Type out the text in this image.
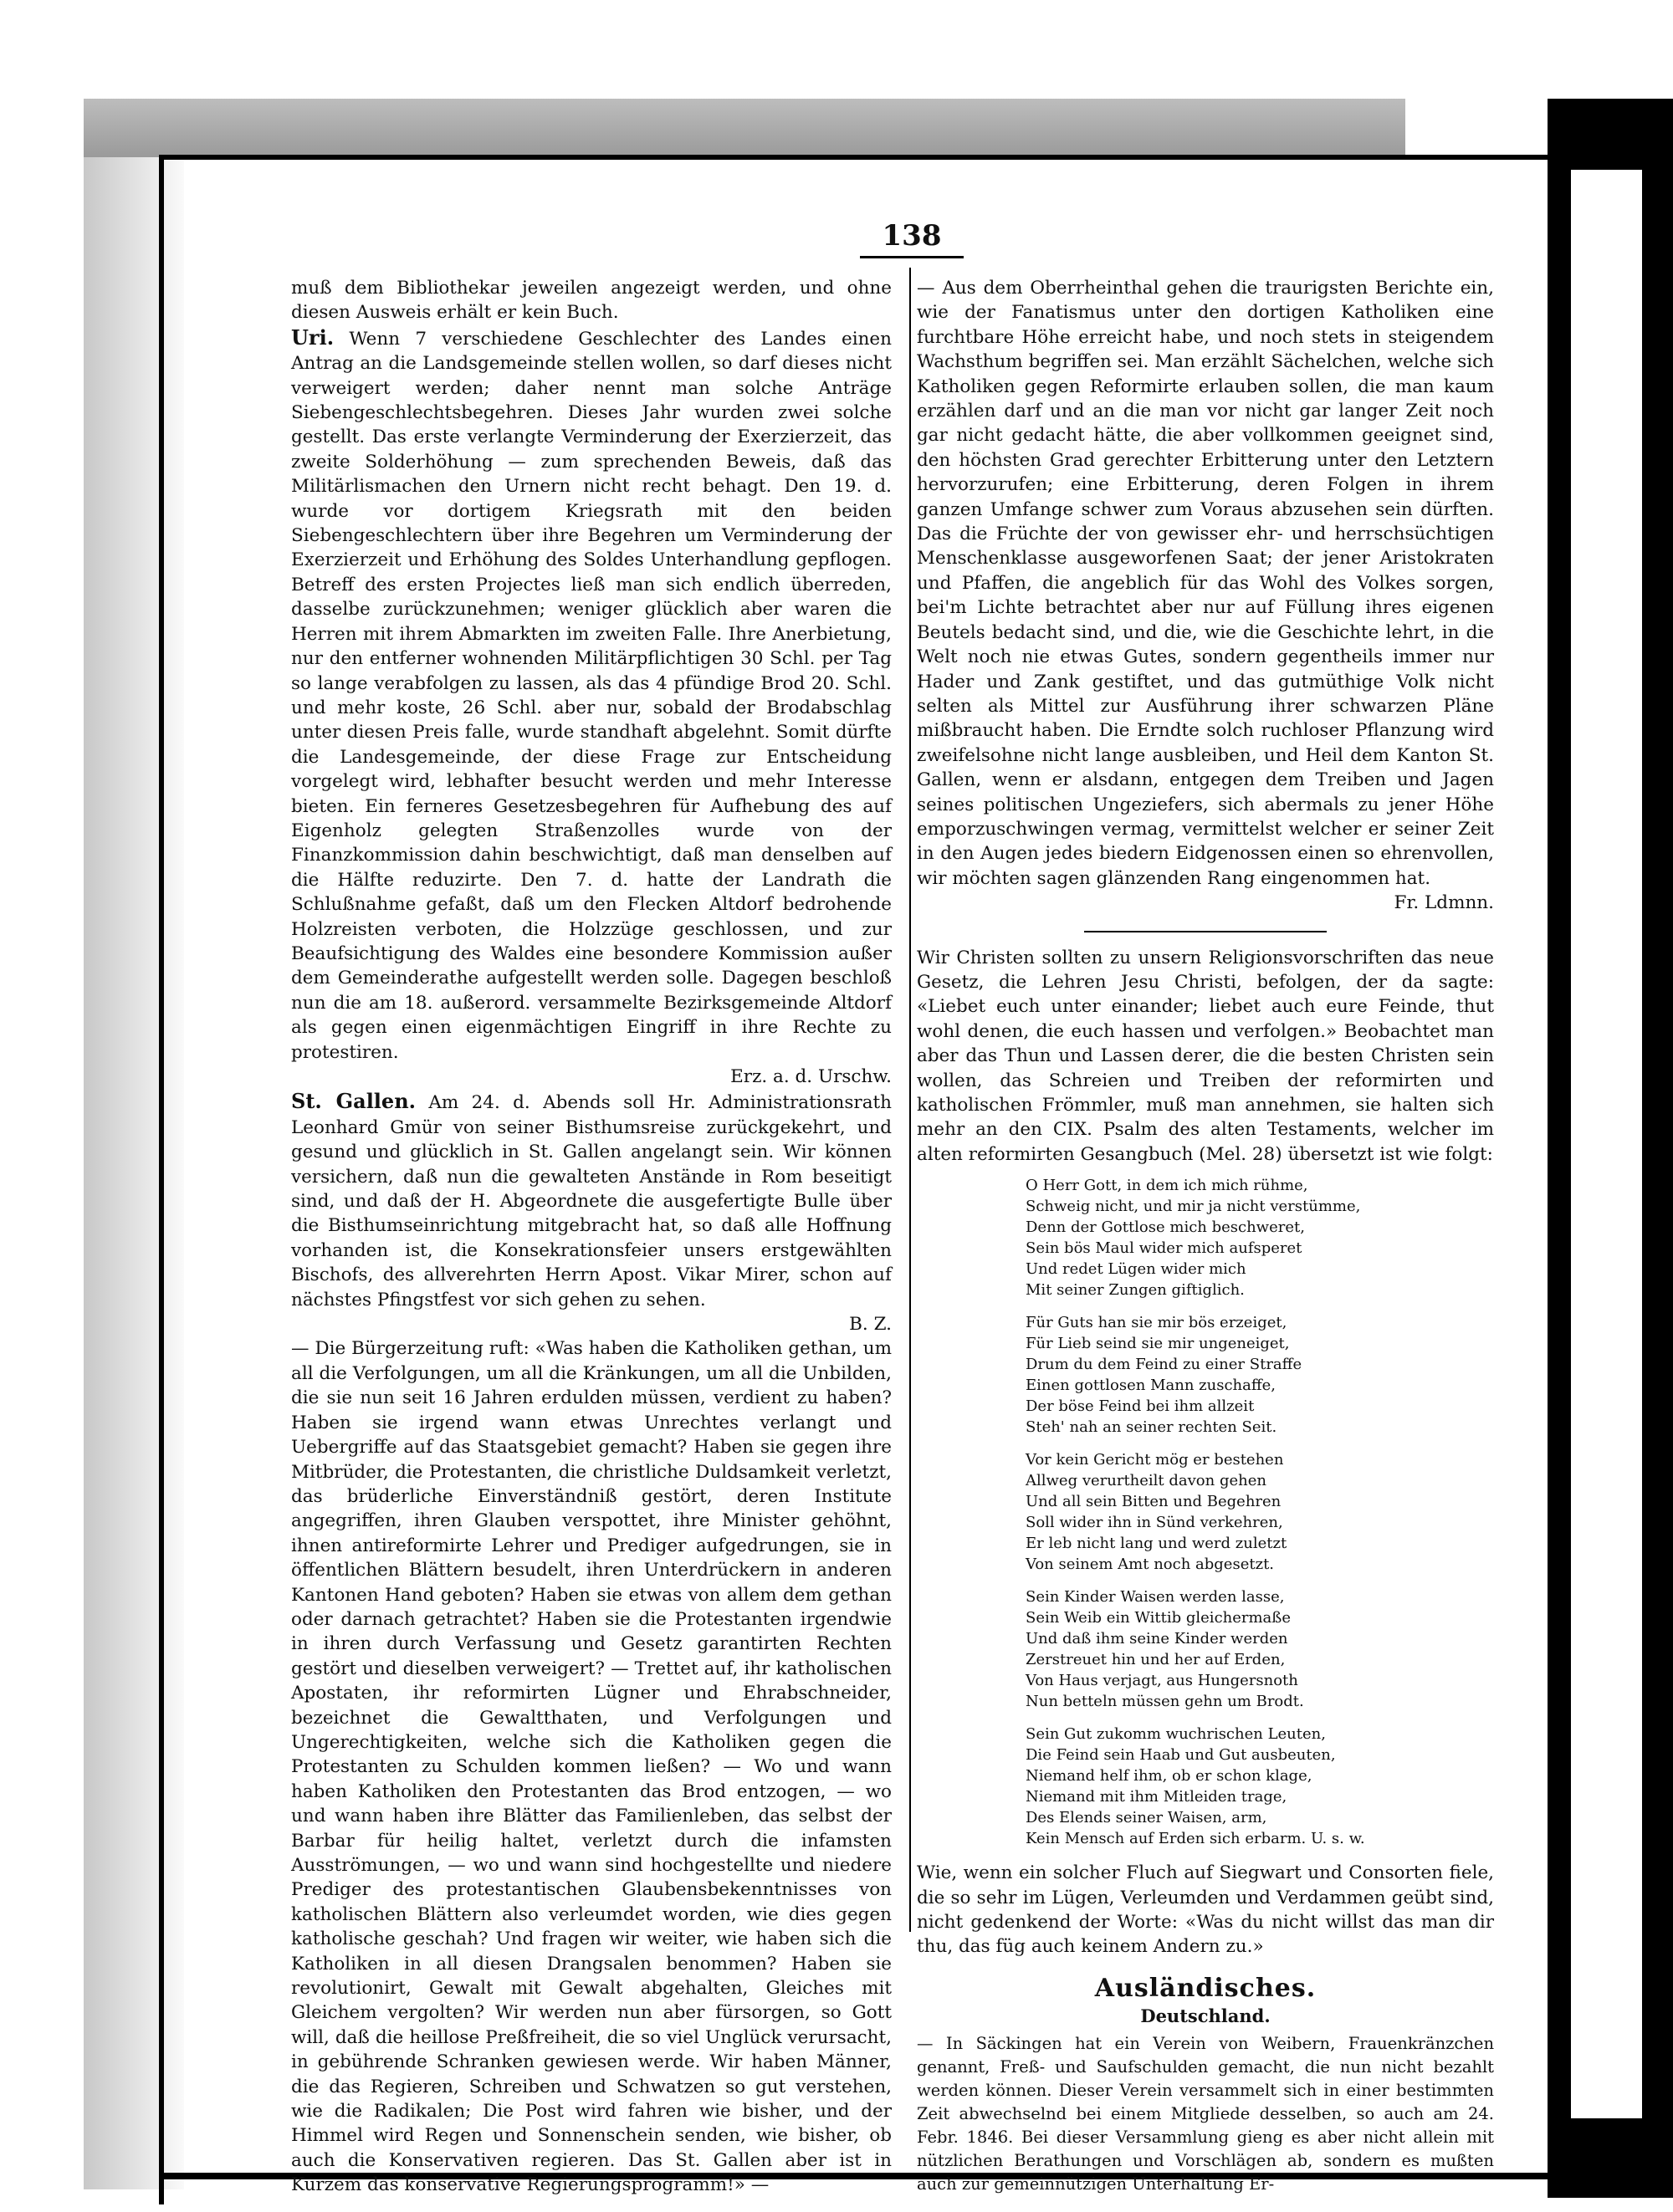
138

muß dem Bibliothekar jeweilen angezeigt werden, und ohne diesen Ausweis erhält er kein Buch.

Uri. Wenn 7 verschiedene Geschlechter des Landes einen Antrag an die Landsgemeinde stellen wollen, so darf dieses nicht verweigert werden; daher nennt man solche Anträge Siebengeschlechtsbegehren. Dieses Jahr wurden zwei solche gestellt. Das erste verlangte Verminderung der Exerzierzeit, das zweite Solderhöhung — zum sprechenden Beweis, daß das Militärlismachen den Urnern nicht recht behagt. Den 19. d. wurde vor dortigem Kriegsrath mit den beiden Siebengeschlechtern über ihre Begehren um Verminderung der Exerzierzeit und Erhöhung des Soldes Unterhandlung gepflogen. Betreff des ersten Projectes ließ man sich endlich überreden, dasselbe zurückzunehmen; weniger glücklich aber waren die Herren mit ihrem Abmarkten im zweiten Falle. Ihre Anerbietung, nur den entferner wohnenden Militärpflichtigen 30 Schl. per Tag so lange verabfolgen zu lassen, als das 4 pfündige Brod 20. Schl. und mehr koste, 26 Schl. aber nur, sobald der Brodabschlag unter diesen Preis falle, wurde standhaft abgelehnt. Somit dürfte die Landesgemeinde, der diese Frage zur Entscheidung vorgelegt wird, lebhafter besucht werden und mehr Interesse bieten. Ein ferneres Gesetzesbegehren für Aufhebung des auf Eigenholz gelegten Straßenzolles wurde von der Finanzkommission dahin beschwichtigt, daß man denselben auf die Hälfte reduzirte. Den 7. d. hatte der Landrath die Schlußnahme gefaßt, daß um den Flecken Altdorf bedrohende Holzreisten verboten, die Holzzüge geschlossen, und zur Beaufsichtigung des Waldes eine besondere Kommission außer dem Gemeinderathe aufgestellt werden solle. Dagegen beschloß nun die am 18. außerord. versammelte Bezirksgemeinde Altdorf als gegen einen eigenmächtigen Eingriff in ihre Rechte zu protestiren.
Erz. a. d. Urschw.

St. Gallen. Am 24. d. Abends soll Hr. Administrationsrath Leonhard Gmür von seiner Bisthumsreise zurückgekehrt, und gesund und glücklich in St. Gallen angelangt sein. Wir können versichern, daß nun die gewalteten Anstände in Rom beseitigt sind, und daß der H. Abgeordnete die ausgefertigte Bulle über die Bisthumseinrichtung mitgebracht hat, so daß alle Hoffnung vorhanden ist, die Konsekrationsfeier unsers erstgewählten Bischofs, des allverehrten Herrn Apost. Vikar Mirer, schon auf nächstes Pfingstfest vor sich gehen zu sehen.
B. Z.

— Die Bürgerzeitung ruft: «Was haben die Katholiken gethan, um all die Verfolgungen, um all die Kränkungen, um all die Unbilden, die sie nun seit 16 Jahren erdulden müssen, verdient zu haben? Haben sie irgend wann etwas Unrechtes verlangt und Uebergriffe auf das Staatsgebiet gemacht? Haben sie gegen ihre Mitbrüder, die Protestanten, die christliche Duldsamkeit verletzt, das brüderliche Einverständniß gestört, deren Institute angegriffen, ihren Glauben verspottet, ihre Minister gehöhnt, ihnen antireformirte Lehrer und Prediger aufgedrungen, sie in öffentlichen Blättern besudelt, ihren Unterdrückern in anderen Kantonen Hand geboten? Haben sie etwas von allem dem gethan oder darnach getrachtet? Haben sie die Protestanten irgendwie in ihren durch Verfassung und Gesetz garantirten Rechten gestört und dieselben verweigert? — Trettet auf, ihr katholischen Apostaten, ihr reformirten Lügner und Ehrabschneider, bezeichnet die Gewaltthaten, und Verfolgungen und Ungerechtigkeiten, welche sich die Katholiken gegen die Protestanten zu Schulden kommen ließen? — Wo und wann haben Katholiken den Protestanten das Brod entzogen, — wo und wann haben ihre Blätter das Familienleben, das selbst der Barbar für heilig haltet, verletzt durch die infamsten Ausströmungen, — wo und wann sind hochgestellte und niedere Prediger des protestantischen Glaubensbekenntnisses von katholischen Blättern also verleumdet worden, wie dies gegen katholische geschah? Und fragen wir weiter, wie haben sich die Katholiken in all diesen Drangsalen benommen? Haben sie revolutionirt, Gewalt mit Gewalt abgehalten, Gleiches mit Gleichem vergolten? Wir werden nun aber fürsorgen, so Gott will, daß die heillose Preßfreiheit, die so viel Unglück verursacht, in gebührende Schranken gewiesen werde. Wir haben Männer, die das Regieren, Schreiben und Schwatzen so gut verstehen, wie die Radikalen; Die Post wird fahren wie bisher, und der Himmel wird Regen und Sonnenschein senden, wie bisher, ob auch die Konservativen regieren. Das St. Gallen aber ist in Kurzem das konservative Regierungsprogramm!» —

— Aus dem Oberrheinthal gehen die traurigsten Berichte ein, wie der Fanatismus unter den dortigen Katholiken eine furchtbare Höhe erreicht habe, und noch stets in steigendem Wachsthum begriffen sei. Man erzählt Sächelchen, welche sich Katholiken gegen Reformirte erlauben sollen, die man kaum erzählen darf und an die man vor nicht gar langer Zeit noch gar nicht gedacht hätte, die aber vollkommen geeignet sind, den höchsten Grad gerechter Erbitterung unter den Letztern hervorzurufen; eine Erbitterung, deren Folgen in ihrem ganzen Umfange schwer zum Voraus abzusehen sein dürften. Das die Früchte der von gewisser ehr- und herrschsüchtigen Menschenklasse ausgeworfenen Saat; der jener Aristokraten und Pfaffen, die angeblich für das Wohl des Volkes sorgen, bei'm Lichte betrachtet aber nur auf Füllung ihres eigenen Beutels bedacht sind, und die, wie die Geschichte lehrt, in die Welt noch nie etwas Gutes, sondern gegentheils immer nur Hader und Zank gestiftet, und das gutmüthige Volk nicht selten als Mittel zur Ausführung ihrer schwarzen Pläne mißbraucht haben. Die Erndte solch ruchloser Pflanzung wird zweifelsohne nicht lange ausbleiben, und Heil dem Kanton St. Gallen, wenn er alsdann, entgegen dem Treiben und Jagen seines politischen Ungeziefers, sich abermals zu jener Höhe emporzuschwingen vermag, vermittelst welcher er seiner Zeit in den Augen jedes biedern Eidgenossen einen so ehrenvollen, wir möchten sagen glänzenden Rang eingenommen hat.
Fr. Ldmnn.

Wir Christen sollten zu unsern Religionsvorschriften das neue Gesetz, die Lehren Jesu Christi, befolgen, der da sagte: «Liebet euch unter einander; liebet auch eure Feinde, thut wohl denen, die euch hassen und verfolgen.» Beobachtet man aber das Thun und Lassen derer, die die besten Christen sein wollen, das Schreien und Treiben der reformirten und katholischen Frömmler, muß man annehmen, sie halten sich mehr an den CIX. Psalm des alten Testaments, welcher im alten reformirten Gesangbuch (Mel. 28) übersetzt ist wie folgt:

O Herr Gott, in dem ich mich rühme,
Schweig nicht, und mir ja nicht verstümme,
Denn der Gottlose mich beschweret,
Sein bös Maul wider mich aufsperet
Und redet Lügen wider mich
Mit seiner Zungen giftiglich.
Für Guts han sie mir bös erzeiget,
Für Lieb seind sie mir ungeneiget,
Drum du dem Feind zu einer Straffe
Einen gottlosen Mann zuschaffe,
Der böse Feind bei ihm allzeit
Steh' nah an seiner rechten Seit.
Vor kein Gericht mög er bestehen
Allweg verurtheilt davon gehen
Und all sein Bitten und Begehren
Soll wider ihn in Sünd verkehren,
Er leb nicht lang und werd zuletzt
Von seinem Amt noch abgesetzt.
Sein Kinder Waisen werden lasse,
Sein Weib ein Wittib gleichermaße
Und daß ihm seine Kinder werden
Zerstreuet hin und her auf Erden,
Von Haus verjagt, aus Hungersnoth
Nun betteln müssen gehn um Brodt.
Sein Gut zukomm wuchrischen Leuten,
Die Feind sein Haab und Gut ausbeuten,
Niemand helf ihm, ob er schon klage,
Niemand mit ihm Mitleiden trage,
Des Elends seiner Waisen, arm,
Kein Mensch auf Erden sich erbarm. U. s. w.

Wie, wenn ein solcher Fluch auf Siegwart und Consorten fiele, die so sehr im Lügen, Verleumden und Verdammen geübt sind, nicht gedenkend der Worte: «Was du nicht willst das man dir thu, das füg auch keinem Andern zu.»

Ausländisches.
Deutschland.

— In Säckingen hat ein Verein von Weibern, Frauenkränzchen genannt, Freß- und Saufschulden gemacht, die nun nicht bezahlt werden können. Dieser Verein versammelt sich in einer bestimmten Zeit abwechselnd bei einem Mitgliede desselben, so auch am 24. Febr. 1846. Bei dieser Versammlung gieng es aber nicht allein mit nützlichen Berathungen und Vorschlägen ab, sondern es mußten auch zur gemeinnützigen Unterhaltung Er-
